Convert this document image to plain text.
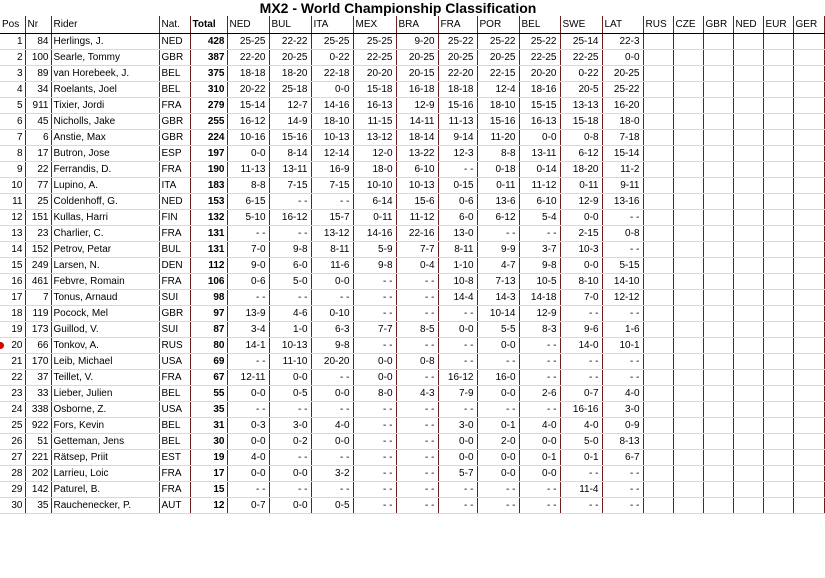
MX2 - World Championship Classification
Pos	Nr	Rider	Nat.	Total	NED	BUL	ITA	MEX	BRA	FRA	POR	BEL	SWE	LAT	RUS	CZE	GBR	NED	EUR	GER
1	84	Herlings, J.	NED	428	25-25	22-22	25-25	25-25	9-20	25-22	25-22	25-22	25-14	22-3						
2	100	Searle, Tommy	GBR	387	22-20	20-25	0-22	22-25	20-25	20-25	20-25	22-25	22-25	0-0						
3	89	van Horebeek, J.	BEL	375	18-18	18-20	22-18	20-20	20-15	22-20	22-15	20-20	0-22	20-25						
4	34	Roelants, Joel	BEL	310	20-22	25-18	0-0	15-18	16-18	18-18	12-4	18-16	20-5	25-22						
5	911	Tixier, Jordi	FRA	279	15-14	12-7	14-16	16-13	12-9	15-16	18-10	15-15	13-13	16-20						
6	45	Nicholls, Jake	GBR	255	16-12	14-9	18-10	11-15	14-11	11-13	15-16	16-13	15-18	18-0						
7	6	Anstie, Max	GBR	224	10-16	15-16	10-13	13-12	18-14	9-14	11-20	0-0	0-8	7-18						
8	17	Butron, Jose	ESP	197	0-0	8-14	12-14	12-0	13-22	12-3	8-8	13-11	6-12	15-14						
9	22	Ferrandis, D.	FRA	190	11-13	13-11	16-9	18-0	6-10	- -	0-18	0-14	18-20	11-2						
10	77	Lupino, A.	ITA	183	8-8	7-15	7-15	10-10	10-13	0-15	0-11	11-12	0-11	9-11						
11	25	Coldenhoff, G.	NED	153	6-15	- -	- -	6-14	15-6	0-6	13-6	6-10	12-9	13-16						
12	151	Kullas, Harri	FIN	132	5-10	16-12	15-7	0-11	11-12	6-0	6-12	5-4	0-0	- -						
13	23	Charlier, C.	FRA	131	- -	- -	13-12	14-16	22-16	13-0	- -	- -	2-15	0-8						
14	152	Petrov, Petar	BUL	131	7-0	9-8	8-11	5-9	7-7	8-11	9-9	3-7	10-3	- -						
15	249	Larsen, N.	DEN	112	9-0	6-0	11-6	9-8	0-4	1-10	4-7	9-8	0-0	5-15						
16	461	Febvre, Romain	FRA	106	0-6	5-0	0-0	- -	- -	10-8	7-13	10-5	8-10	14-10						
17	7	Tonus, Arnaud	SUI	98	- -	- -	- -	- -	- -	14-4	14-3	14-18	7-0	12-12						
18	119	Pocock, Mel	GBR	97	13-9	4-6	0-10	- -	- -	- -	10-14	12-9	- -	- -						
19	173	Guillod, V.	SUI	87	3-4	1-0	6-3	7-7	8-5	0-0	5-5	8-3	9-6	1-6						

20	66	Tonkov, A.	RUS	80	14-1	10-13	9-8	- -	- -	- -	0-0	- -	14-0	10-1						
21	170	Leib, Michael	USA	69	- -	11-10	20-20	0-0	0-8	- -	- -	- -	- -	- -						
22	37	Teillet, V.	FRA	67	12-11	0-0	- -	0-0	- -	16-12	16-0	- -	- -	- -						
23	33	Lieber, Julien	BEL	55	0-0	0-5	0-0	8-0	4-3	7-9	0-0	2-6	0-7	4-0						
24	338	Osborne, Z.	USA	35	- -	- -	- -	- -	- -	- -	- -	- -	16-16	3-0						
25	922	Fors, Kevin	BEL	31	0-3	3-0	4-0	- -	- -	3-0	0-1	4-0	4-0	0-9						
26	51	Getteman, Jens	BEL	30	0-0	0-2	0-0	- -	- -	0-0	2-0	0-0	5-0	8-13						
27	221	Rätsep, Priit	EST	19	4-0	- -	- -	- -	- -	0-0	0-0	0-1	0-1	6-7						
28	202	Larrieu, Loic	FRA	17	0-0	0-0	3-2	- -	- -	5-7	0-0	0-0	- -	- -						
29	142	Paturel, B.	FRA	15	- -	- -	- -	- -	- -	- -	- -	- -	11-4	- -						
30	35	Rauchenecker, P.	AUT	12	0-7	0-0	0-5	- -	- -	- -	- -	- -	- -	- -						
